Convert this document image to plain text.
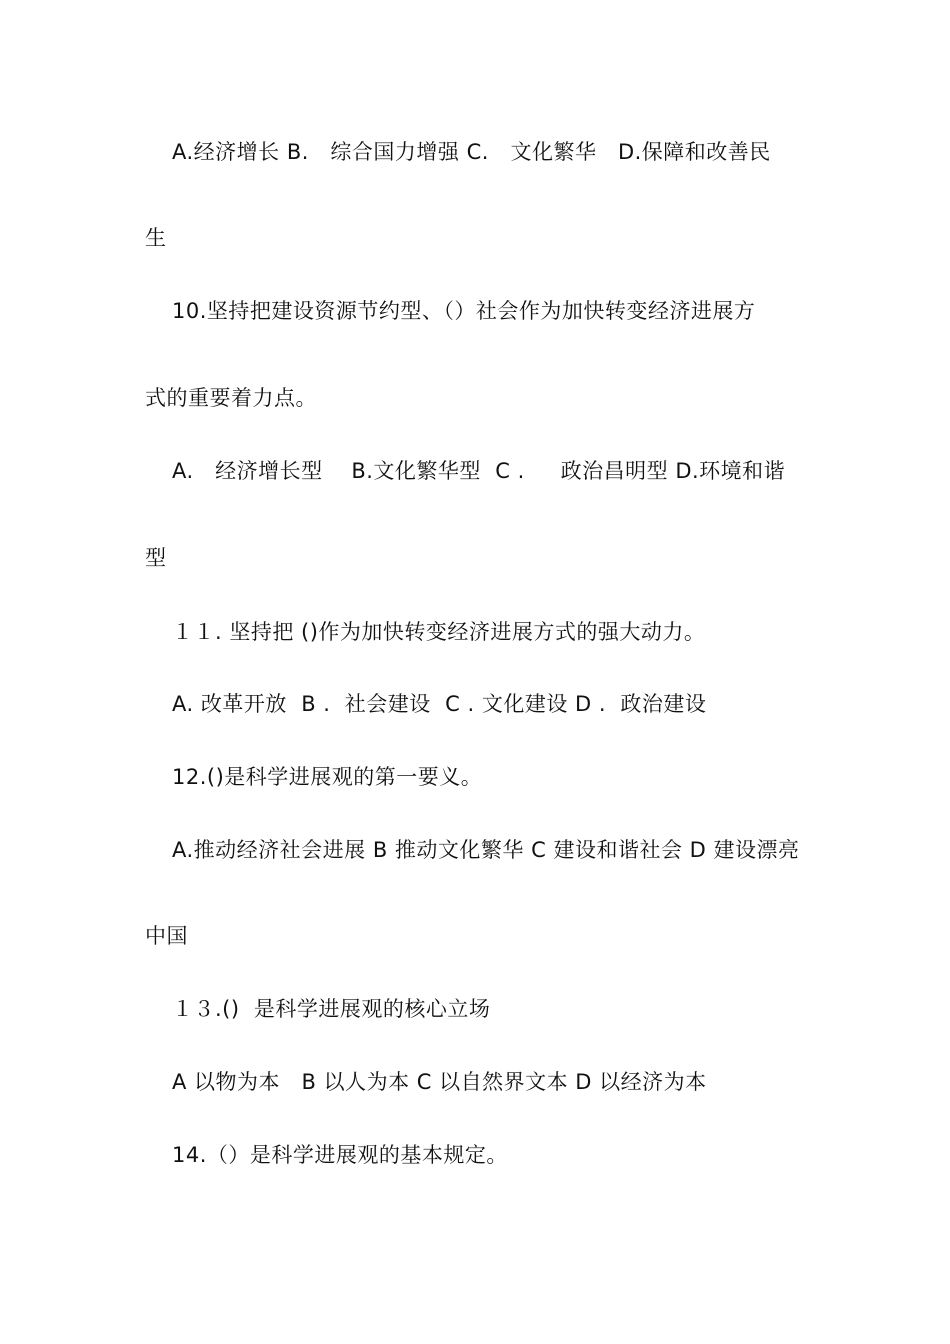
A.经济增长 B.　综合国力增强 C.　文化繁华　D.保障和改善民
生
10.坚持把建设资源节约型、（）社会作为加快转变经济进展方
式的重要着力点。
A.　经济增长型　 B.文化繁华型  C .　  政治昌明型 D.环境和谐
型
１１. 坚持把 ()作为加快转变经济进展方式的强大动力。
A. 改革开放  B .  社会建设  C . 文化建设 D .  政治建设
12.()是科学进展观的第一要义。
A.推动经济社会进展 B 推动文化繁华 C 建设和谐社会 D 建设漂亮
中国
１３.()  是科学进展观的核心立场
A 以物为本　B 以人为本 C 以自然界文本 D 以经济为本
14.（）是科学进展观的基本规定。
